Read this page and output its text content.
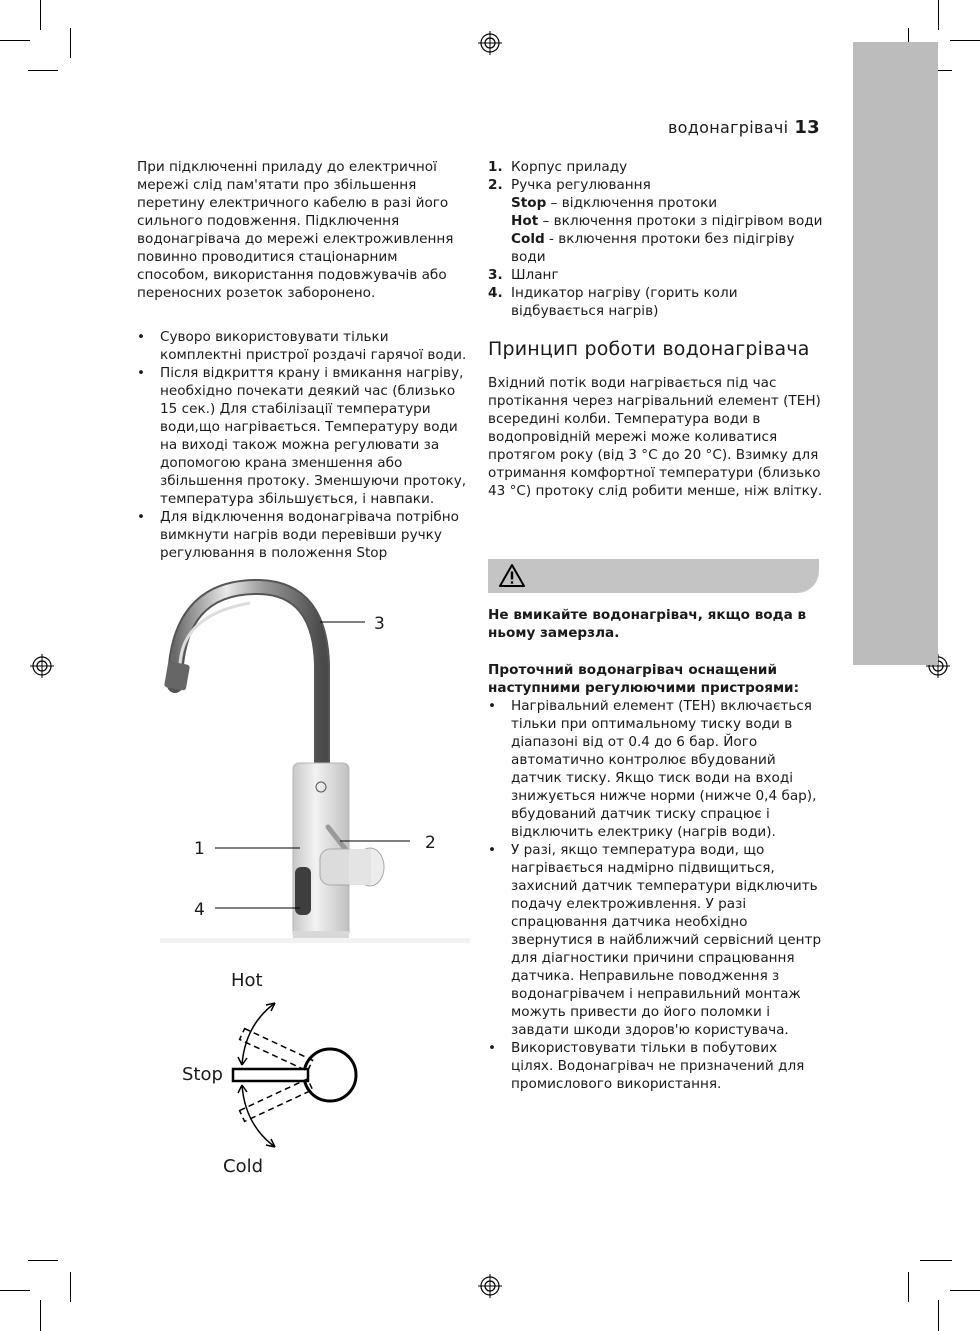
водонагрівачі 13

При підключенні приладу до електричної мережі слід пам'ятати про збільшення перетину електричного кабелю в разі його сильного подовження. Підключення водонагрівача до мережі електроживлення повинно проводитися стаціонарним способом, використання подовжувачів або переносних розеток заборонено.

• Суворо використовувати тільки комплектні пристрої роздачі гарячої води.
• Після відкриття крану і вмикання нагріву, необхідно почекати деякий час (близько 15 сек.) Для стабілізації температури води,що нагрівається. Температуру води на виході також можна регулювати за допомогою крана зменшення або збільшення протоку. Зменшуючи протоку, температура збільшується, і навпаки.
• Для відключення водонагрівача потрібно вимкнути нагрів води перевівши ручку регулювання в положення Stop
3
1	2
4
Hot
Stop
Cold
1. Корпус приладу
2. Ручка регулювання
Stop – відключення протоки
Hot – включення протоки з підігрівом води
Cold - включення протоки без підігріву води
3. Шланг
4. Індикатор нагріву (горить коли відбувається нагрів)
Принцип роботи водонагрівача

Вхідний потік води нагрівається під час протікання через нагрівальний елемент (ТЕН) всередині колби. Температура води в водопровідній мережі може коливатися протягом року (від 3 °С до 20 °С). Взимку для отримання комфортної температури (близько 43 °С) протоку слід робити менше, ніж влітку.

Не вмикайте водонагрівач, якщо вода в ньому замерзла.

Проточний водонагрівач оснащений наступними регулюючими пристроями:

• Нагрівальний елемент (ТЕН) включається тільки при оптимальному тиску води в діапазоні від от 0.4 до 6 бар. Його автоматично контролює вбудований датчик тиску. Якщо тиск води на вході знижується нижче норми (нижче 0,4 бар), вбудований датчик тиску спрацює і відключить електрику (нагрів води).
• У разі, якщо температура води, що нагрівається надмірно підвищиться, захисний датчик температури відключить подачу електроживлення. У разі спрацювання датчика необхідно звернутися в найближчий сервісний центр для діагностики причини спрацювання датчика. Неправильне поводження з водонагрівачем і неправильний монтаж можуть привести до його поломки і завдати шкоди здоров'ю користувача.
• Використовувати тільки в побутових цілях. Водонагрівач не призначений для промислового використання.
